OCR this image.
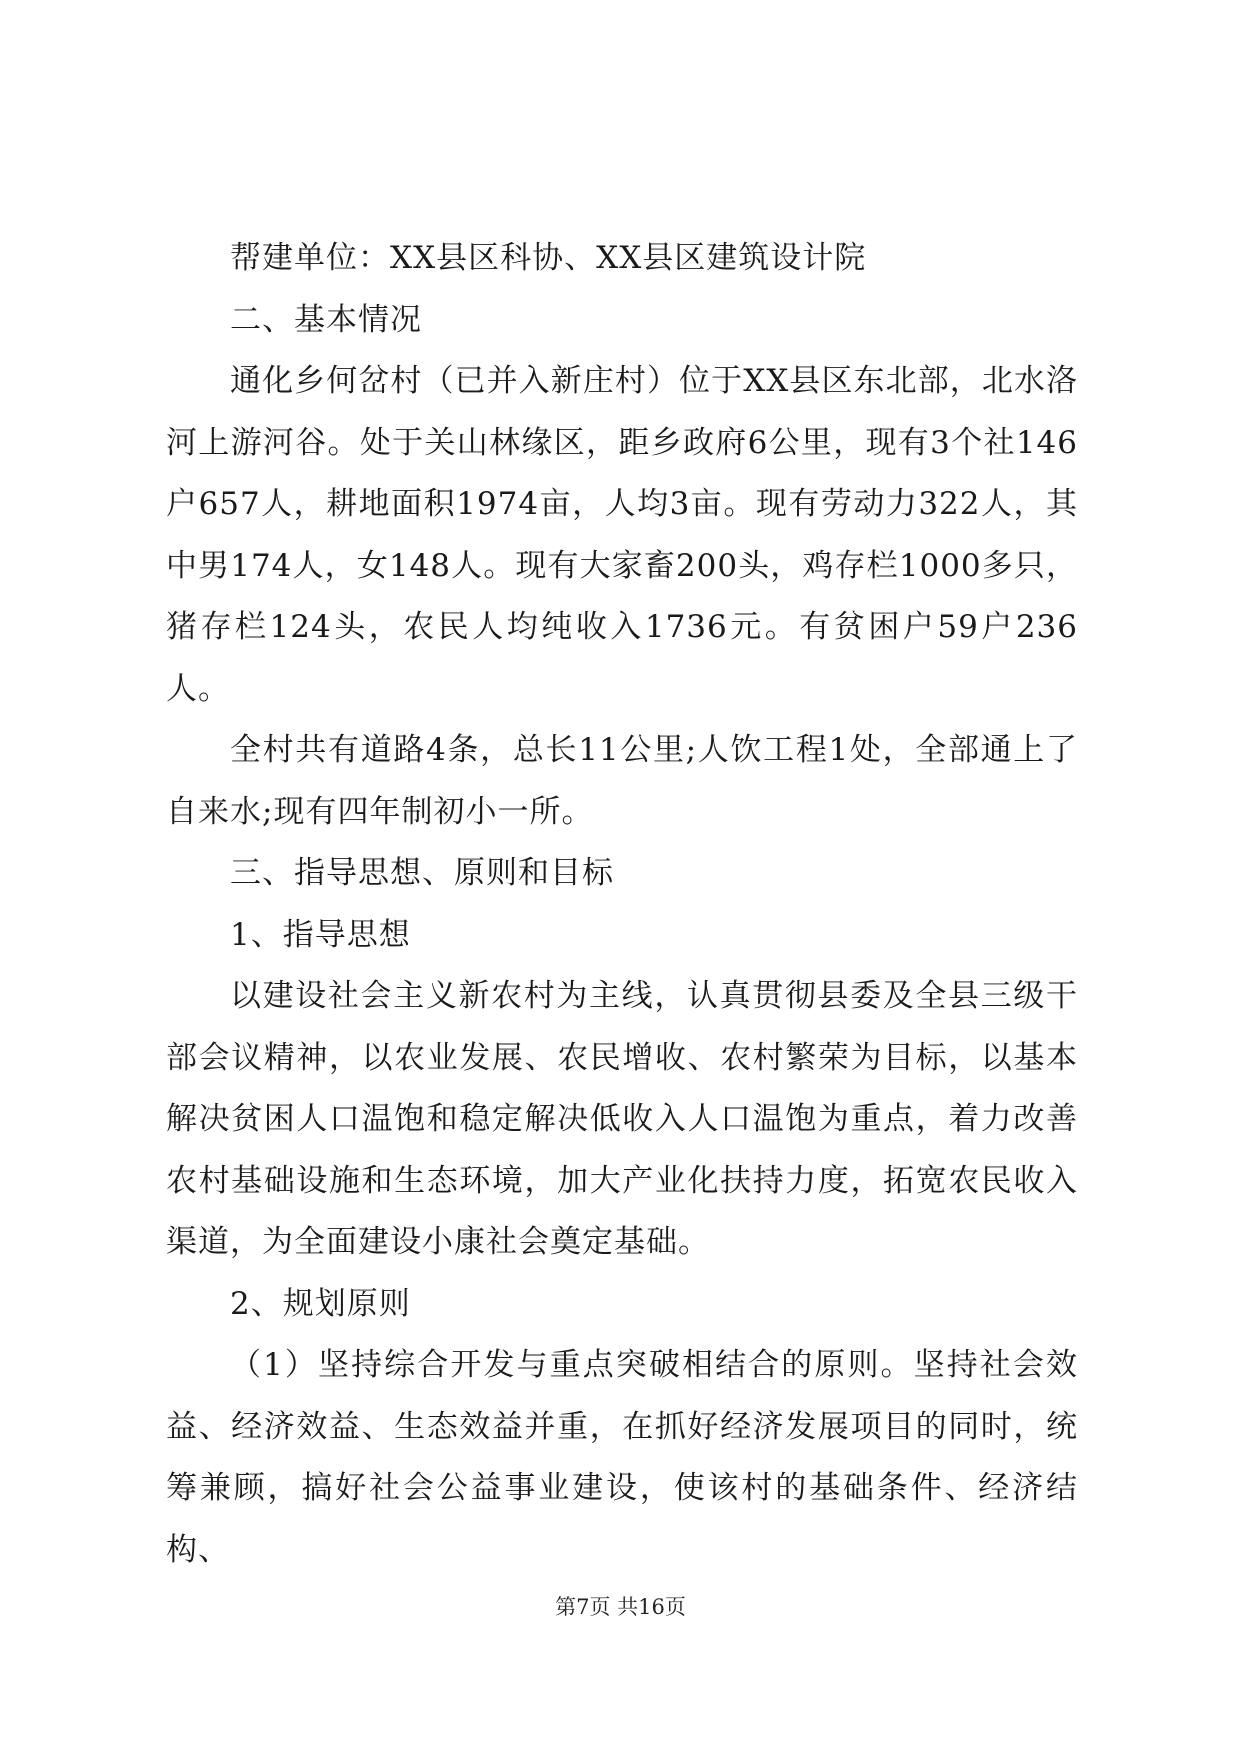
帮建单位：XX县区科协、XX县区建筑设计院

二、基本情况

通化乡何岔村（已并入新庄村）位于XX县区东北部，北水洛河上游河谷。处于关山林缘区，距乡政府6公里，现有3个社146户657人，耕地面积1974亩，人均3亩。现有劳动力322人，其中男174人，女148人。现有大家畜200头，鸡存栏1000多只，猪存栏124头，农民人均纯收入1736元。有贫困户59户236人。

全村共有道路4条，总长11公里;人饮工程1处，全部通上了自来水;现有四年制初小一所。

三、指导思想、原则和目标

1、指导思想

以建设社会主义新农村为主线，认真贯彻县委及全县三级干部会议精神，以农业发展、农民增收、农村繁荣为目标，以基本解决贫困人口温饱和稳定解决低收入人口温饱为重点，着力改善农村基础设施和生态环境，加大产业化扶持力度，拓宽农民收入渠道，为全面建设小康社会奠定基础。

2、规划原则

（1）坚持综合开发与重点突破相结合的原则。坚持社会效益、经济效益、生态效益并重，在抓好经济发展项目的同时，统筹兼顾，搞好社会公益事业建设，使该村的基础条件、经济结构、

第7页 共16页
